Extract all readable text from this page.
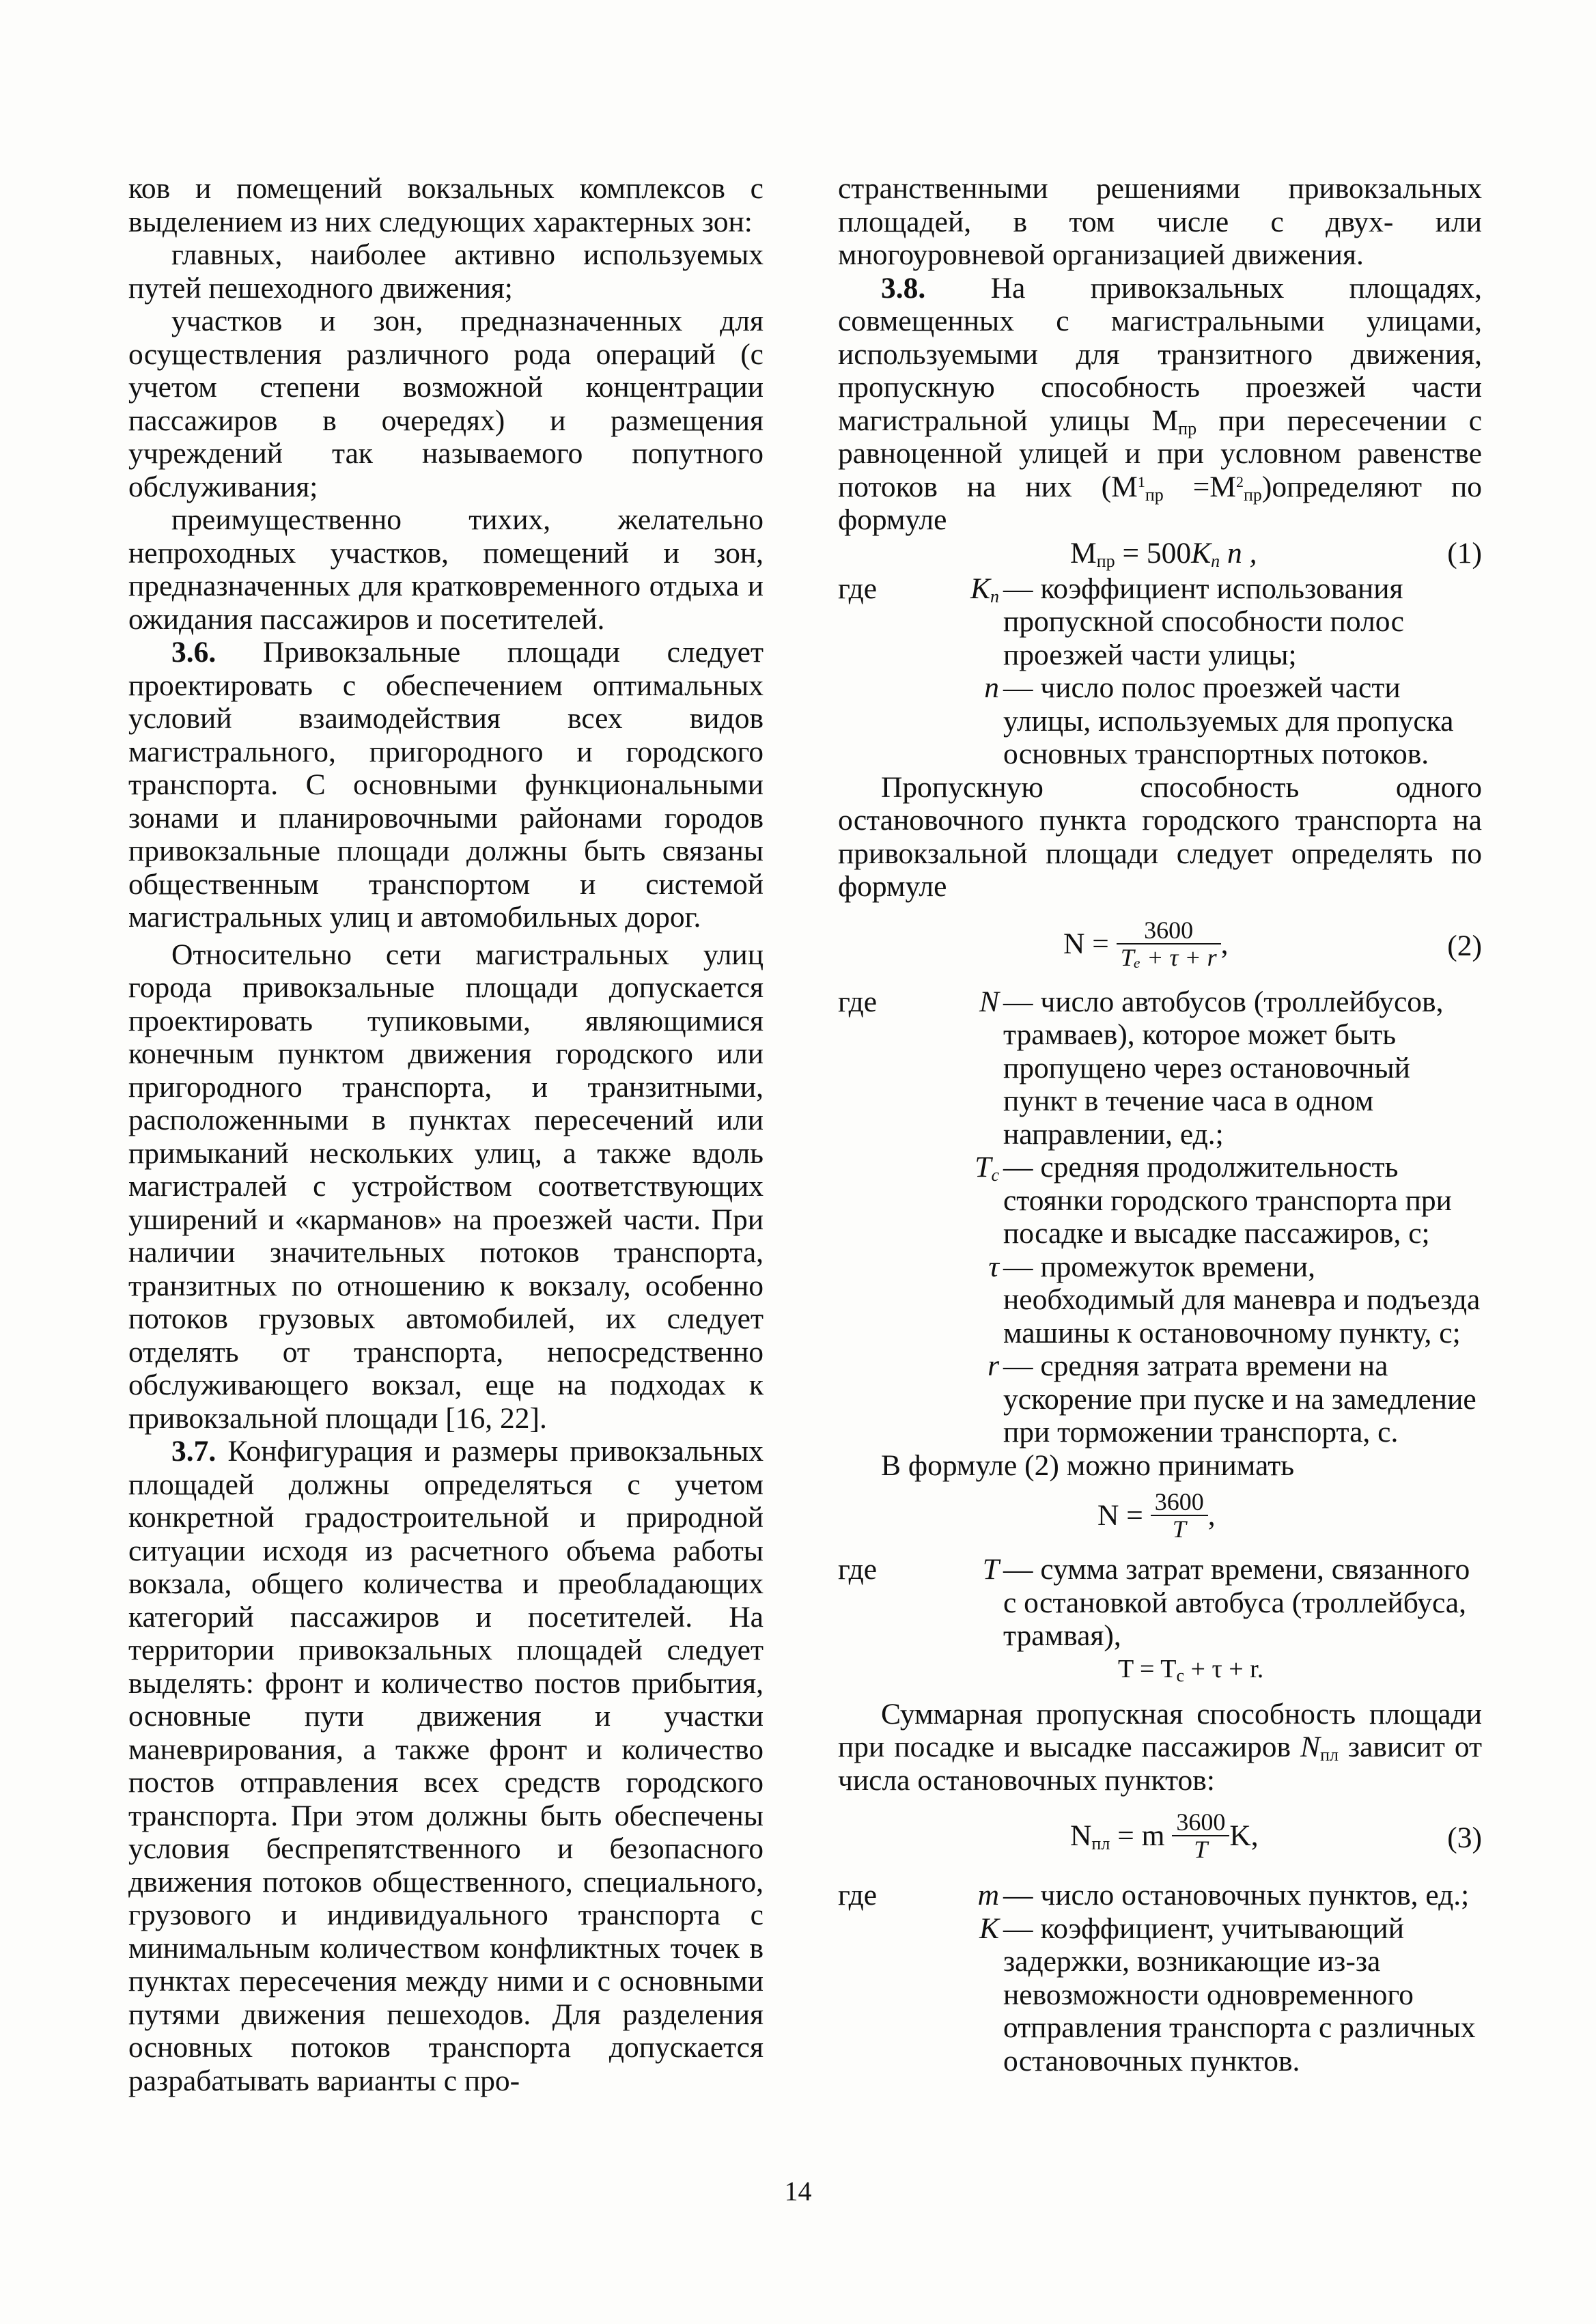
ков и помещений вокзальных комплексов с выделением из них следующих характерных зон:

главных, наиболее активно используемых путей пешеходного движения;

участков и зон, предназначенных для осуществления различного рода операций (с учетом степени возможной концентрации пассажиров в очередях) и размещения учреждений так называемого попутного обслуживания;

преимущественно тихих, желательно непроходных участков, помещений и зон, предназначенных для кратковременного отдыха и ожидания пассажиров и посетителей.

3.6. Привокзальные площади следует проектировать с обеспечением оптимальных условий взаимодействия всех видов магистрального, пригородного и городского транспорта. С основными функциональными зонами и планировочными районами городов привокзальные площади должны быть связаны общественным транспортом и системой магистральных улиц и автомобильных дорог.

Относительно сети магистральных улиц города привокзальные площади допускается проектировать тупиковыми, являющимися конечным пунктом движения городского или пригородного транспорта, и транзитными, расположенными в пунктах пересечений или примыканий нескольких улиц, а также вдоль магистралей с устройством соответствующих уширений и «карманов» на проезжей части. При наличии значительных потоков транспорта, транзитных по отношению к вокзалу, особенно потоков грузовых автомобилей, их следует отделять от транспорта, непосредственно обслуживающего вокзал, еще на подходах к привокзальной площади [16, 22].

3.7. Конфигурация и размеры привокзальных площадей должны определяться с учетом конкретной градостроительной и природной ситуации исходя из расчетного объема работы вокзала, общего количества и преобладающих категорий пассажиров и посетителей. На территории привокзальных площадей следует выделять: фронт и количество постов прибытия, основные пути движения и участки маневрирования, а также фронт и количество постов отправления всех средств городского транспорта. При этом должны быть обеспечены условия беспрепятственного и безопасного движения потоков общественного, специального, грузового и индивидуального транспорта с минимальным количеством конфликтных точек в пунктах пересечения между ними и с основными путями движения пешеходов. Для разделения основных потоков транспорта допускается разрабатывать варианты с про-

странственными решениями привокзальных площадей, в том числе с двух- или многоуровневой организацией движения.

3.8. На привокзальных площадях, совмещенных с магистральными улицами, используемыми для транзитного движения, пропускную способность проезжей части магистральной улицы $М_{пр}$ при пересечении с равноценной улицей и при условном равенстве потоков на них ($М^1_{пр}$ $=М^2_{пр})определяют$ по формуле

$М_{пр} = 500K_n$ n ,	(1)
где	$K_n$ — коэффициент использования пропускной способности полос проезжей части улицы;
n — число полос проезжей части улицы, используемых для пропуска основных транспортных потоков.

Пропускную способность одного остановочного пункта городского транспорта на привокзальной площади следует определять по формуле

$N = \frac{3600}{\text{Tₑ + τ + r}}$ ,	(2)
где	N — число автобусов (троллейбусов, трамваев), которое может быть пропущено через остановочный пункт в течение часа в одном направлении, ед.;
$T_c$ — средняя продолжительность стоянки городского транспорта при посадке и высадке пассажиров, с;
τ — промежуток времени, необходимый для маневра и подъезда машины к остановочному пункту, с;
r — средняя затрата времени на ускорение при пуске и на замедление при торможении транспорта, с.

В формуле (2) можно принимать

$N = \frac{3600}{T}$ ,
где	T — сумма затрат времени, связанного с остановкой автобуса (троллейбуса, трамвая),
$T = T_c + \tau + r$.

Суммарная пропускная способность площади при посадке и высадке пассажиров $N_{пл}$ зависит от числа остановочных пунктов:

$N_{пл} = m \frac{3600}{T} K$,	(3)
где	m — число остановочных пунктов, ед.;
K — коэффициент, учитывающий задержки, возникающие из-за невозможности одновременного отправления транспорта с различных остановочных пунктов.
14
